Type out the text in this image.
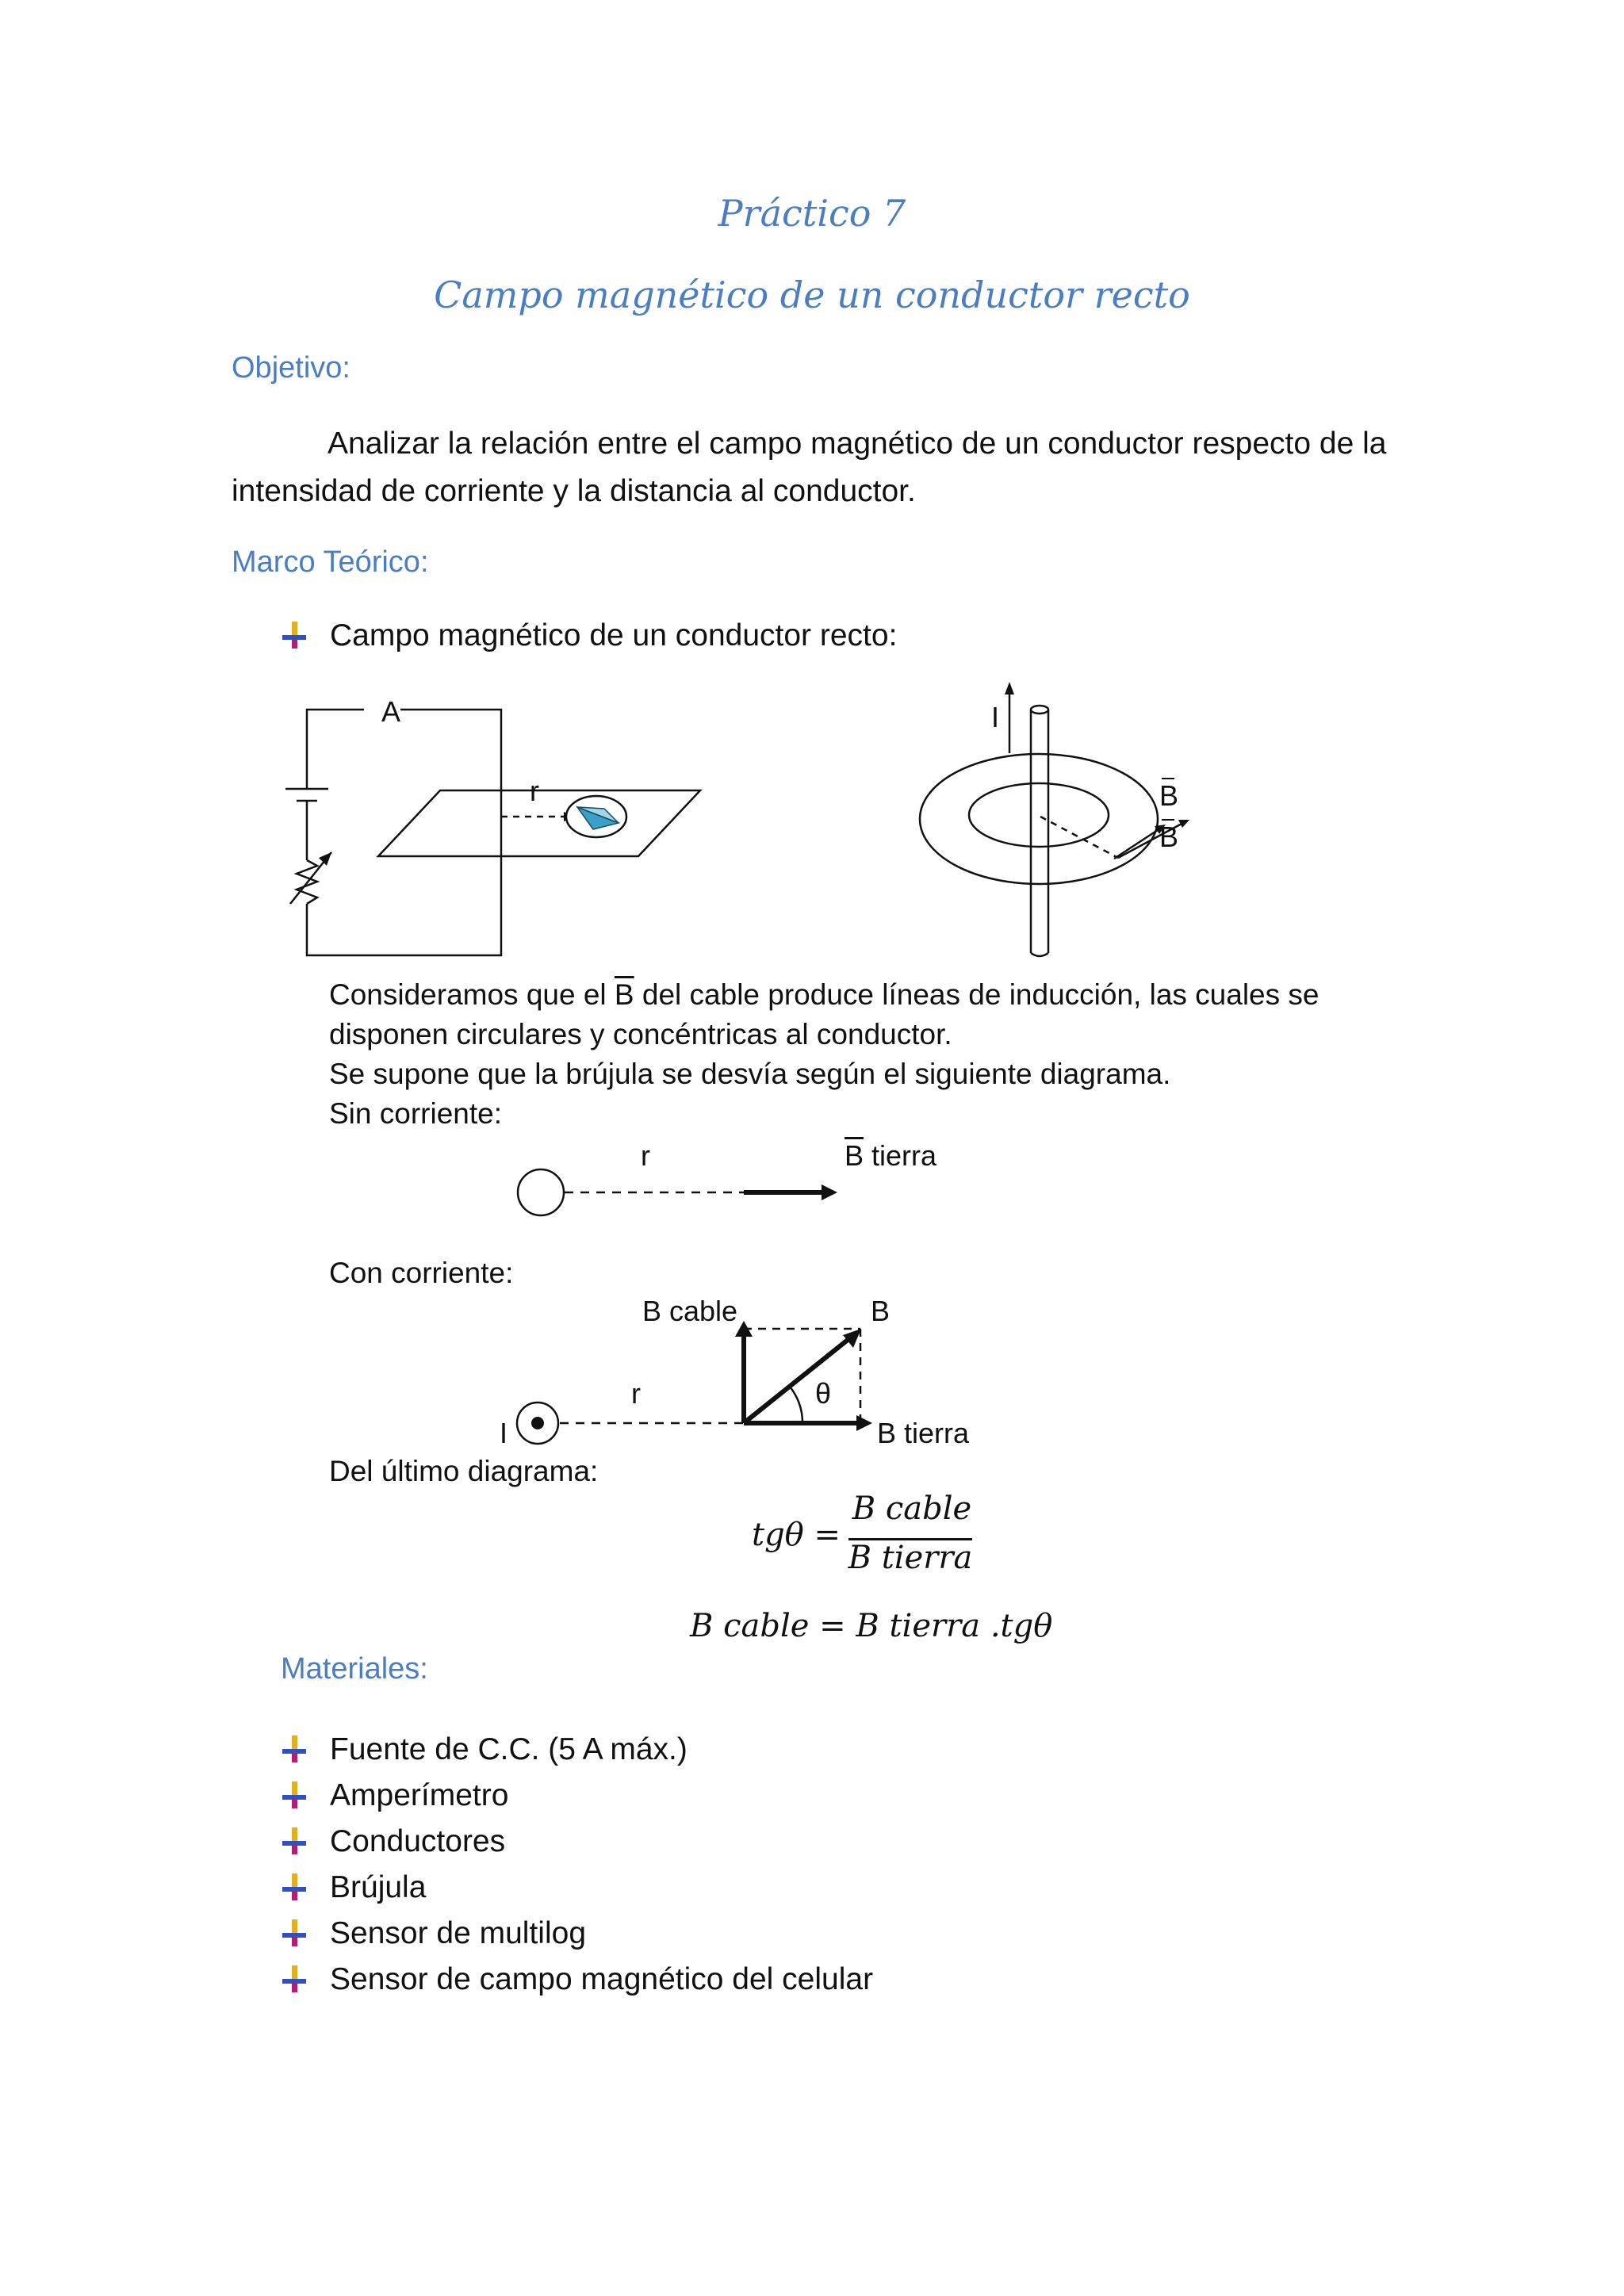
Práctico 7
Campo magnético de un conductor recto
Objetivo:
Analizar la relación entre el campo magnético de un conductor respecto de la
intensidad de corriente y la distancia al conductor.
Marco Teórico:
Campo magnético de un conductor recto:
A
r
I
B
B
Consideramos que el $\overline{B}$ del cable produce líneas de inducción, las cuales se
disponen circulares y concéntricas al conductor.
Se supone que la brújula se desvía según el siguiente diagrama.
Sin corriente:
r	$\overline{B}$ tierra
Con corriente:
B cable	B
θ
r
I	B tierra
Del último diagrama:
tgθ =
B cable
B tierra
B cable = B tierra .tgθ
Materiales:
Fuente de C.C. (5 A máx.)
Amperímetro
Conductores
Brújula
Sensor de multilog
Sensor de campo magnético del celular
